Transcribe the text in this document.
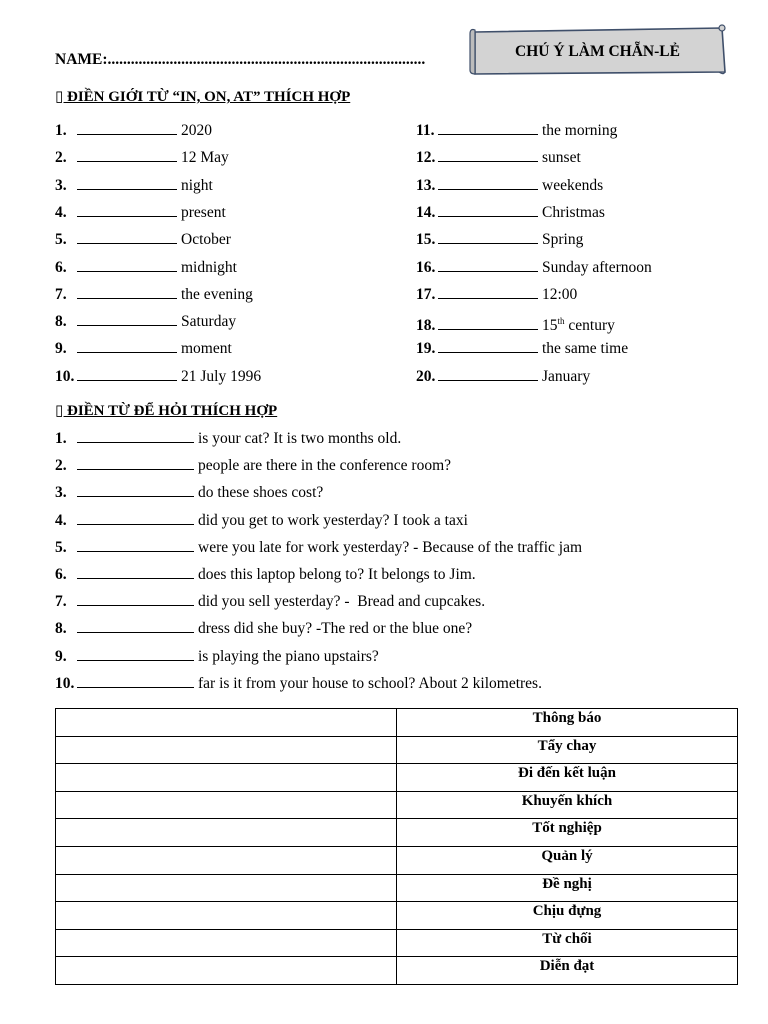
NAME:..................................................................................	CHÚ Ý LÀM CHẴN-LẺ
▯ ĐIỀN GIỚI TỪ “IN, ON, AT” THÍCH HỢP
1.	2020
2.	12 May
3.	night
4.	present
5.	October
6.	midnight
7.	the evening
8.	Saturday
9.	moment
10.	21 July 1996
11.	the morning
12.	sunset
13.	weekends
14.	Christmas
15.	Spring
16.	Sunday afternoon
17.	12:00
18.	15th century
19.	the same time
20.	January
▯ ĐIỀN TỪ ĐỂ HỎI THÍCH HỢP
1.	is your cat? It is two months old.
2.	people are there in the conference room?
3.	do these shoes cost?
4.	did you get to work yesterday? I took a taxi
5.	were you late for work yesterday? - Because of the traffic jam
6.	does this laptop belong to? It belongs to Jim.
7.	did you sell yesterday? -  Bread and cupcakes.
8.	dress did she buy? -The red or the blue one?
9.	is playing the piano upstairs?
10.	far is it from your house to school? About 2 kilometres.
	Thông báo
	Tẩy chay
	Đi đến kết luận
	Khuyến khích
	Tốt nghiệp
	Quản lý
	Đề nghị
	Chịu đựng
	Từ chối
	Diễn đạt
